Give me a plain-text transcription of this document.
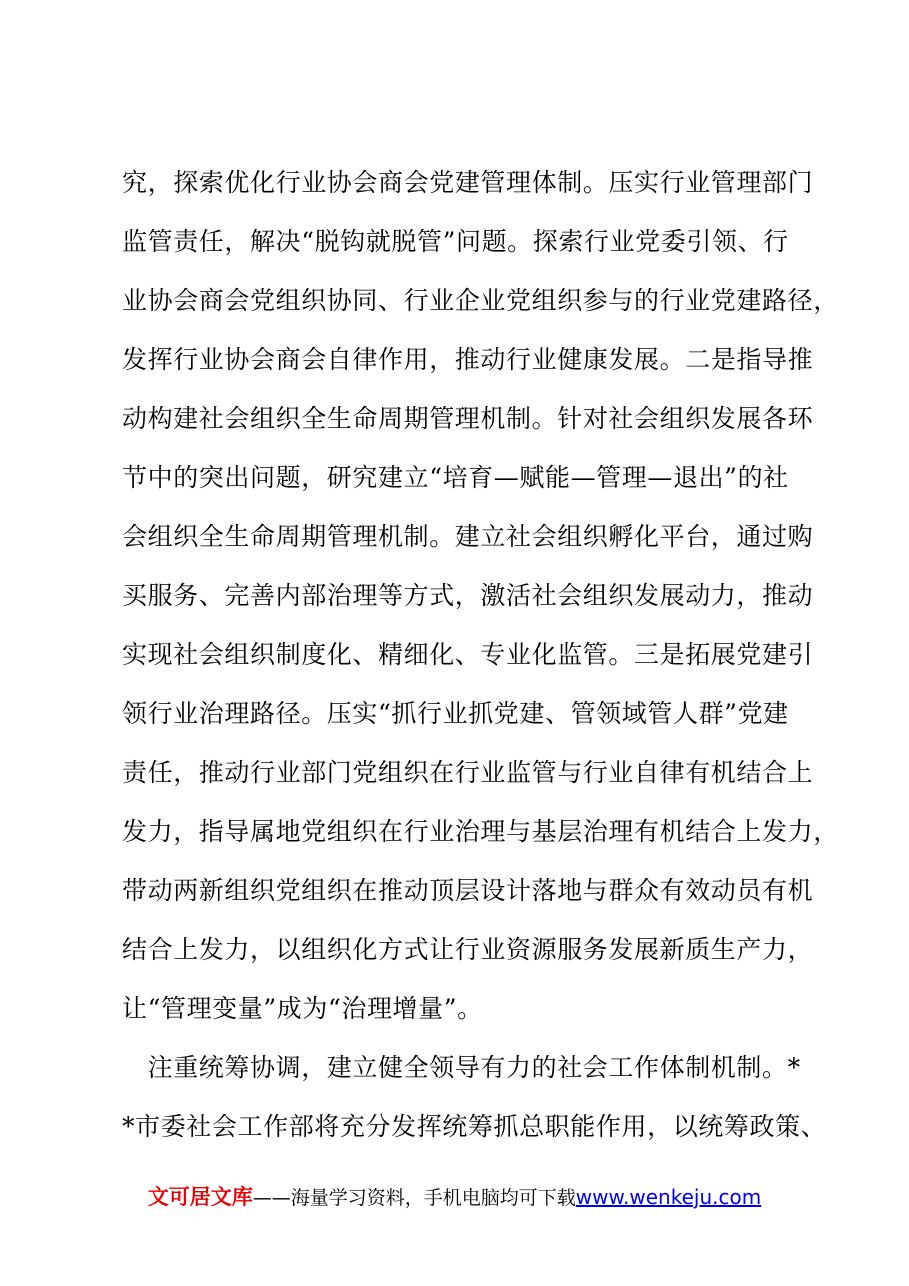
究，探索优化行业协会商会党建管理体制。压实行业管理部门
监管责任，解决“脱钩就脱管”问题。探索行业党委引领、行
业协会商会党组织协同、行业企业党组织参与的行业党建路径，
发挥行业协会商会自律作用，推动行业健康发展。二是指导推
动构建社会组织全生命周期管理机制。针对社会组织发展各环
节中的突出问题，研究建立“培育—赋能—管理—退出”的社
会组织全生命周期管理机制。建立社会组织孵化平台，通过购
买服务、完善内部治理等方式，激活社会组织发展动力，推动
实现社会组织制度化、精细化、专业化监管。三是拓展党建引
领行业治理路径。压实“抓行业抓党建、管领域管人群”党建
责任，推动行业部门党组织在行业监管与行业自律有机结合上
发力，指导属地党组织在行业治理与基层治理有机结合上发力，
带动两新组织党组织在推动顶层设计落地与群众有效动员有机
结合上发力，以组织化方式让行业资源服务发展新质生产力，
让“管理变量”成为“治理增量”。
　注重统筹协调，建立健全领导有力的社会工作体制机制。*
*市委社会工作部将充分发挥统筹抓总职能作用，以统筹政策、
文可居文库——海量学习资料，手机电脑均可下载www.wenkeju.com
